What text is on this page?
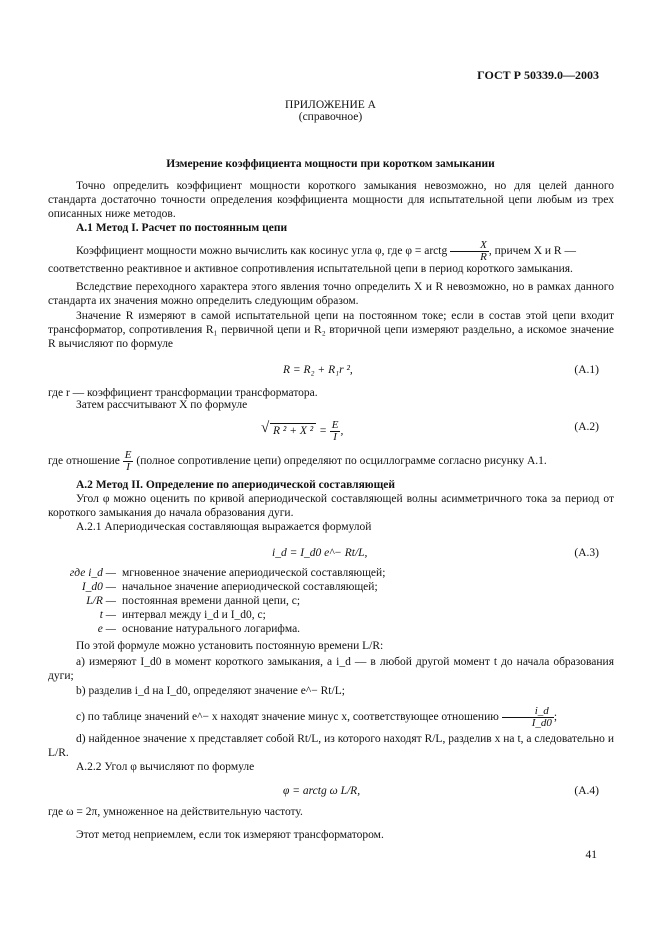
ГОСТ Р 50339.0—2003
ПРИЛОЖЕНИЕ А
(справочное)
Измерение коэффициента мощности при коротком замыкании
Точно определить коэффициент мощности короткого замыкания невозможно, но для целей данного стандарта достаточно точности определения коэффициента мощности для испытательной цепи любым из трех описанных ниже методов.
А.1 Метод I. Расчет по постоянным цепи
Коэффициент мощности можно вычислить как косинус угла φ, где φ = arctg $\frac{X}{R}$ , причем X и R —
соответственно реактивное и активное сопротивления испытательной цепи в период короткого замыкания.
Вследствие переходного характера этого явления точно определить X и R невозможно, но в рамках данного стандарта их значения можно определить следующим образом.
Значение R измеряют в самой испытательной цепи на постоянном токе; если в состав этой цепи входит трансформатор, сопротивления R₁ первичной цепи и R₂ вторичной цепи измеряют раздельно, а искомое значение R вычисляют по формуле
R = R₂ + R₁r ²,	(A.1)
где r — коэффициент трансформации трансформатора.
Затем рассчитывают X по формуле
√ R ² + X $^2 = \frac{E}{I}$ ,	(A.2)
где отношение $\frac{E}{I}$ (полное сопротивление цепи) определяют по осциллограмме согласно рисунку А.1.
А.2 Метод II. Определение по апериодической составляющей
Угол φ можно оценить по кривой апериодической составляющей волны асимметричного тока за период от короткого замыкания до начала образования дуги.
А.2.1 Апериодическая составляющая выражается формулой
i_d = I_d0 e^− Rt/L,	(A.3)
где i_d — мгновенное значение апериодической составляющей;
I_d0 — начальное значение апериодической составляющей;
L/R — постоянная времени данной цепи, с;
t — интервал между i_d и I_d0, с;
e — основание натурального логарифма.
По этой формуле можно установить постоянную времени L/R:
а) измеряют I_d0 в момент короткого замыкания, а i_d — в любой другой момент t до начала образования дуги;
b) разделив i_d на I_d0, определяют значение e^− Rt/L;
с) по таблице значений e^− x находят значение минус x, соответствующее отношению $\frac{i\_d}{I\_d0}$ ;
d) найденное значение x представляет собой Rt/L, из которого находят R/L, разделив x на t, а следовательно и L/R.
А.2.2 Угол φ вычисляют по формуле
φ = arctg ω L/R,	(A.4)
где ω = 2π, умноженное на действительную частоту.
Этот метод неприемлем, если ток измеряют трансформатором.
41
